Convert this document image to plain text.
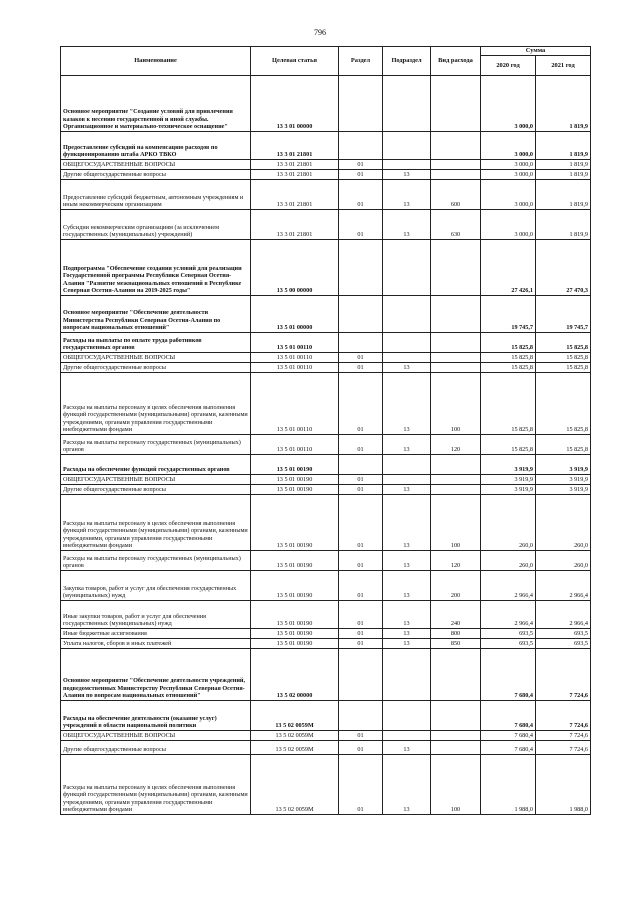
796
Наименование	Целевая статья	Раздел	Подраздел	Вид расхода	Сумма	
					2020 год	2021 год
Основное мероприятие "Создание условий для привлечения казаков к несению государственной и иной службы. Организационное и материально-техническое оснащение"	13 3 01 00000				3 000,0	1 819,9
Предоставление субсидий на компенсацию расходов по функционированию штаба АРКО ТВКО	13 3 01 21801				3 000,0	1 819,9
ОБЩЕГОСУДАРСТВЕННЫЕ ВОПРОСЫ	13 3 01 21801	01			3 000,0	1 819,9
Другие общегосударственные вопросы	13 3 01 21801	01	13		3 000,0	1 819,9
Предоставление субсидий бюджетным, автономным учреждениям и иным некоммерческим организациям	13 3 01 21801	01	13	600	3 000,0	1 819,9
Субсидии некоммерческим организациям (за исключением государственных (муниципальных) учреждений)	13 3 01 21801	01	13	630	3 000,0	1 819,9
Подпрограмма "Обеспечение создания условий для реализации Государственной программы Республики Северная Осетия-Алания "Развитие межнациональных отношений в Республике Северная Осетия-Алания на 2019-2025 годы"	13 5 00 00000				27 426,1	27 470,3
Основное мероприятие "Обеспечение деятельности Министерства Республики Северная Осетия-Алания по вопросам национальных отношений"	13 5 01 00000				19 745,7	19 745,7
Расходы на выплаты по оплате труда работников государственных органов	13 5 01 00110				15 825,8	15 825,8
ОБЩЕГОСУДАРСТВЕННЫЕ ВОПРОСЫ	13 5 01 00110	01			15 825,8	15 825,8
Другие общегосударственные вопросы	13 5 01 00110	01	13		15 825,8	15 825,8
Расходы на выплаты персоналу в целях обеспечения выполнения функций государственными (муниципальными) органами, казенными учреждениями, органами управления государственными внебюджетными фондами	13 5 01 00110	01	13	100	15 825,8	15 825,8
Расходы на выплаты персоналу государственных (муниципальных) органов	13 5 01 00110	01	13	120	15 825,8	15 825,8
Расходы на обеспечение функций государственных органов	13 5 01 00190				3 919,9	3 919,9
ОБЩЕГОСУДАРСТВЕННЫЕ ВОПРОСЫ	13 5 01 00190	01			3 919,9	3 919,9
Другие общегосударственные вопросы	13 5 01 00190	01	13		3 919,9	3 919,9
Расходы на выплаты персоналу в целях обеспечения выполнения функций государственными (муниципальными) органами, казенными учреждениями, органами управления государственными внебюджетными фондами	13 5 01 00190	01	13	100	260,0	260,0
Расходы на выплаты персоналу государственных (муниципальных) органов	13 5 01 00190	01	13	120	260,0	260,0
Закупка товаров, работ и услуг для обеспечения государственных (муниципальных) нужд	13 5 01 00190	01	13	200	2 966,4	2 966,4
Иные закупки товаров, работ и услуг для обеспечения государственных (муниципальных) нужд	13 5 01 00190	01	13	240	2 966,4	2 966,4
Иные бюджетные ассигнования	13 5 01 00190	01	13	800	693,5	693,5
Уплата налогов, сборов и иных платежей	13 5 01 00190	01	13	850	693,5	693,5
Основное мероприятие "Обеспечение деятельности учреждений, подведомственных Министерству Республики Северная Осетия-Алания по вопросам национальных отношений"	13 5 02 00000				7 680,4	7 724,6
Расходы на обеспечение деятельности (оказание услуг) учреждений в области национальной политики	13 5 02 0059М				7 680,4	7 724,6
ОБЩЕГОСУДАРСТВЕННЫЕ ВОПРОСЫ	13 5 02 0059М	01			7 680,4	7 724,6
Другие общегосударственные вопросы	13 5 02 0059М	01	13		7 680,4	7 724,6
Расходы на выплаты персоналу в целях обеспечения выполнения функций государственными (муниципальными) органами, казенными учреждениями, органами управления государственными внебюджетными фондами	13 5 02 0059М	01	13	100	1 988,0	1 988,0
